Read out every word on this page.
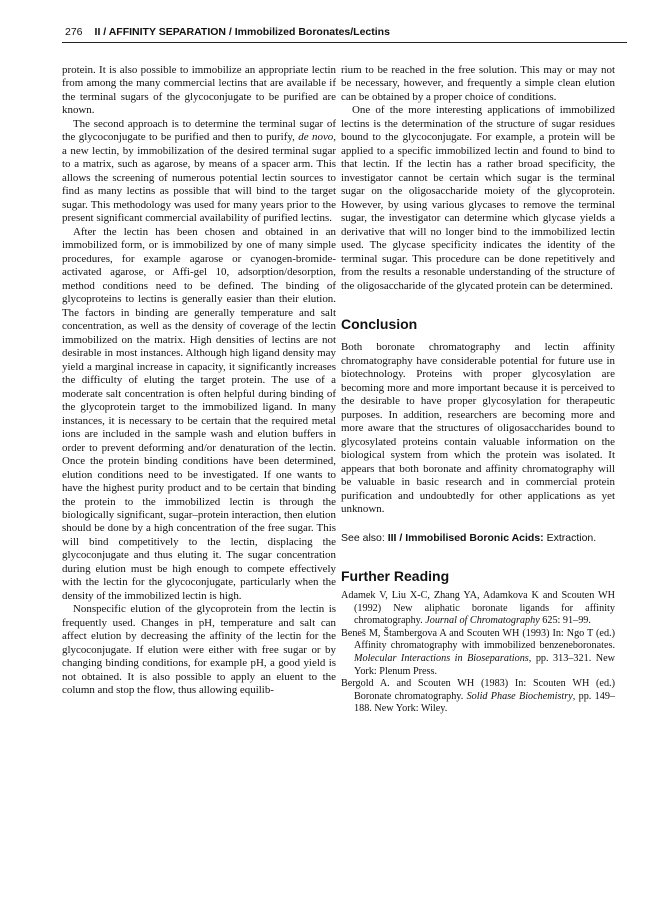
276 II / AFFINITY SEPARATION / Immobilized Boronates/Lectins

protein. It is also possible to immobilize an appropriate lectin from among the many commercial lectins that are available if the terminal sugars of the glycoconjugate to be purified are known.

The second approach is to determine the terminal sugar of the glycoconjugate to be purified and then to purify, de novo, a new lectin, by immobilization of the desired terminal sugar to a matrix, such as agarose, by means of a spacer arm. This allows the screening of numerous potential lectin sources to find as many lectins as possible that will bind to the target sugar. This methodology was used for many years prior to the present significant commercial availability of purified lectins.

After the lectin has been chosen and obtained in an immobilized form, or is immobilized by one of many simple procedures, for example agarose or cyanogen-bromide-activated agarose, or Affi-gel 10, adsorption/desorption, method conditions need to be defined. The binding of glycoproteins to lectins is generally easier than their elution. The factors in binding are generally temperature and salt concentration, as well as the density of coverage of the lectin immobilized on the matrix. High densities of lectins are not desirable in most instances. Although high ligand density may yield a marginal increase in capacity, it significantly increases the difficulty of eluting the target protein. The use of a moderate salt concentration is often helpful during binding of the glycoprotein target to the immobilized ligand. In many instances, it is necessary to be certain that the required metal ions are included in the sample wash and elution buffers in order to prevent deforming and/or denaturation of the lectin. Once the protein binding conditions have been determined, elution conditions need to be investigated. If one wants to have the highest purity product and to be certain that binding the protein to the immobilized lectin is through the biologically significant, sugar–protein interaction, then elution should be done by a high concentration of the free sugar. This will bind competitively to the lectin, displacing the glycoconjugate and thus eluting it. The sugar concentration during elution must be high enough to compete effectively with the lectin for the glycoconjugate, particularly when the density of the immobilized lectin is high.

Nonspecific elution of the glycoprotein from the lectin is frequently used. Changes in pH, temperature and salt can affect elution by decreasing the affinity of the lectin for the glycoconjugate. If elution were either with free sugar or by changing binding conditions, for example pH, a good yield is not obtained. It is also possible to apply an eluent to the column and stop the flow, thus allowing equilib-

rium to be reached in the free solution. This may or may not be necessary, however, and frequently a simple clean elution can be obtained by a proper choice of conditions.

One of the more interesting applications of immobilized lectins is the determination of the structure of sugar residues bound to the glycoconjugate. For example, a protein will be applied to a specific immobilized lectin and found to bind to that lectin. If the lectin has a rather broad specificity, the investigator cannot be certain which sugar is the terminal sugar on the oligosaccharide moiety of the glycoprotein. However, by using various glycases to remove the terminal sugar, the investigator can determine which glycase yields a derivative that will no longer bind to the immobilized lectin used. The glycase specificity indicates the identity of the terminal sugar. This procedure can be done repetitively and from the results a resonable understanding of the structure of the oligosaccharide of the glycated protein can be determined.

Conclusion

Both boronate chromatography and lectin affinity chromatography have considerable potential for future use in biotechnology. Proteins with proper glycosylation are becoming more and more important because it is perceived to the desirable to have proper glycosylation for therapeutic purposes. In addition, researchers are becoming more and more aware that the structures of oligosaccharides bound to glycosylated proteins contain valuable information on the biological system from which the protein was isolated. It appears that both boronate and affinity chromatography will be valuable in basic research and in commercial protein purification and undoubtedly for other applications as yet unknown.

See also: III / Immobilised Boronic Acids: Extraction.
Further Reading

Adamek V, Liu X-C, Zhang YA, Adamkova K and Scouten WH (1992) New aliphatic boronate ligands for affinity chromatography. Journal of Chromatography 625: 91–99.

Beneš M, Štambergova A and Scouten WH (1993) In: Ngo T (ed.) Affinity chromatography with immobilized benzeneboronates. Molecular Interactions in Bioseparations, pp. 313–321. New York: Plenum Press.

Bergold A. and Scouten WH (1983) In: Scouten WH (ed.) Boronate chromatography. Solid Phase Biochemistry, pp. 149–188. New York: Wiley.
